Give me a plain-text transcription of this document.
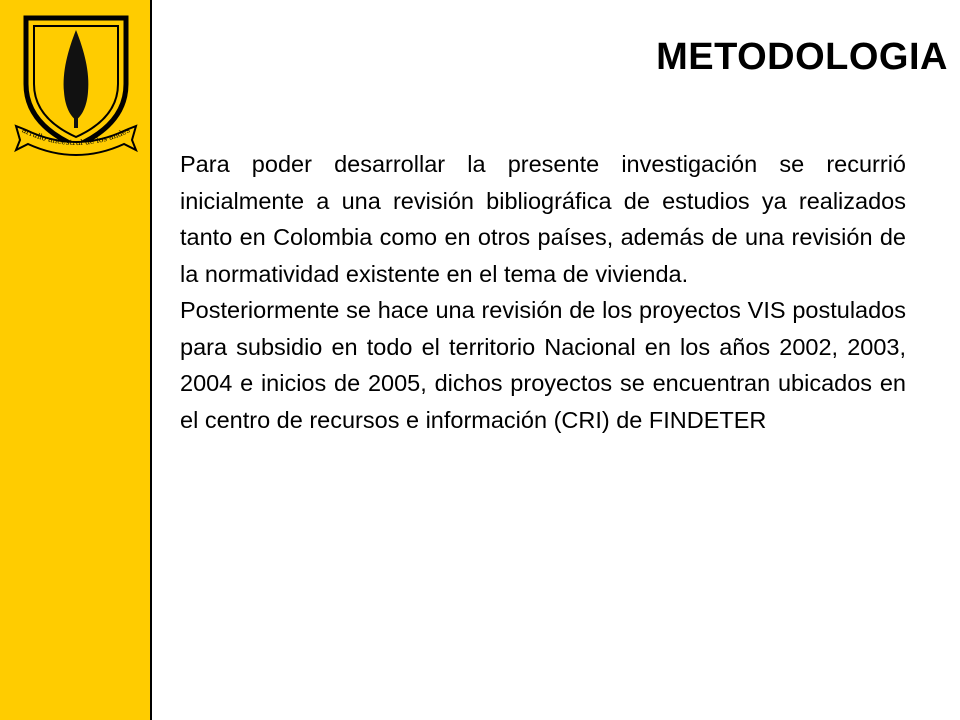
arrullo ancestral de los andes
METODOLOGIA

Para poder desarrollar la presente investigación se recurrió inicialmente a una revisión bibliográfica de estudios ya realizados tanto en Colombia como en otros países, además de una revisión de la normatividad existente en el tema de vivienda.

Posteriormente se hace una revisión de los proyectos VIS postulados para subsidio en todo el territorio Nacional en los años 2002, 2003, 2004 e inicios de 2005, dichos proyectos se encuentran ubicados en el centro de recursos e información (CRI) de FINDETER
